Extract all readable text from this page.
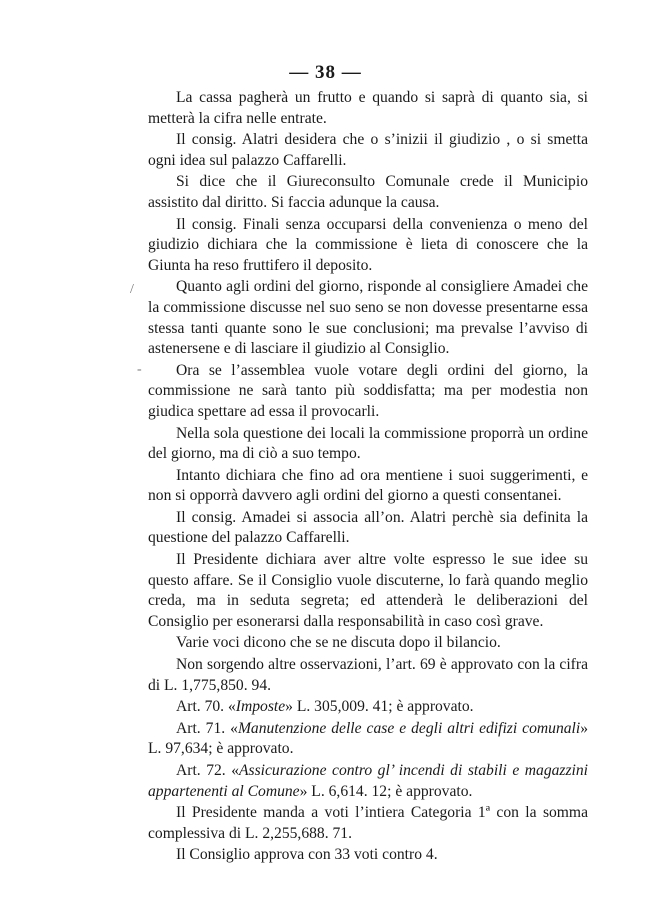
— 38 —
/
-

La cassa pagherà un frutto e quando si saprà di quanto sia, si metterà la cifra nelle entrate.

Il consig. Alatri desidera che o s’inizii il giudizio , o si smetta ogni idea sul palazzo Caffarelli.

Si dice che il Giureconsulto Comunale crede il Municipio assistito dal diritto. Si faccia adunque la causa.

Il consig. Finali senza occuparsi della convenienza o meno del giudizio dichiara che la commissione è lieta di conoscere che la Giunta ha reso fruttifero il deposito.

Quanto agli ordini del giorno, risponde al consigliere Amadei che la commissione discusse nel suo seno se non dovesse presentarne essa stessa tanti quante sono le sue conclusioni; ma prevalse l’avviso di astenersene e di lasciare il giudizio al Consiglio.

Ora se l’assemblea vuole votare degli ordini del giorno, la commissione ne sarà tanto più soddisfatta; ma per modestia non giudica spettare ad essa il provocarli.

Nella sola questione dei locali la commissione proporrà un ordine del giorno, ma di ciò a suo tempo.

Intanto dichiara che fino ad ora mentiene i suoi suggerimenti, e non si opporrà davvero agli ordini del giorno a questi consentanei.

Il consig. Amadei si associa all’on. Alatri perchè sia definita la questione del palazzo Caffarelli.

Il Presidente dichiara aver altre volte espresso le sue idee su questo affare. Se il Consiglio vuole discuterne, lo farà quando meglio creda, ma in seduta segreta; ed attenderà le deliberazioni del Consiglio per esonerarsi dalla responsabilità in caso così grave.

Varie voci dicono che se ne discuta dopo il bilancio.

Non sorgendo altre osservazioni, l’art. 69 è approvato con la cifra di L. 1,775,850. 94.

Art. 70. «Imposte» L. 305,009. 41; è approvato.

Art. 71. «Manutenzione delle case e degli altri edifizi comunali» L. 97,634; è approvato.

Art. 72. «Assicurazione contro gl’ incendi di stabili e magazzini appartenenti al Comune» L. 6,614. 12; è approvato.

Il Presidente manda a voti l’intiera Categoria 1ª con la somma complessiva di L. 2,255,688. 71.

Il Consiglio approva con 33 voti contro 4.
